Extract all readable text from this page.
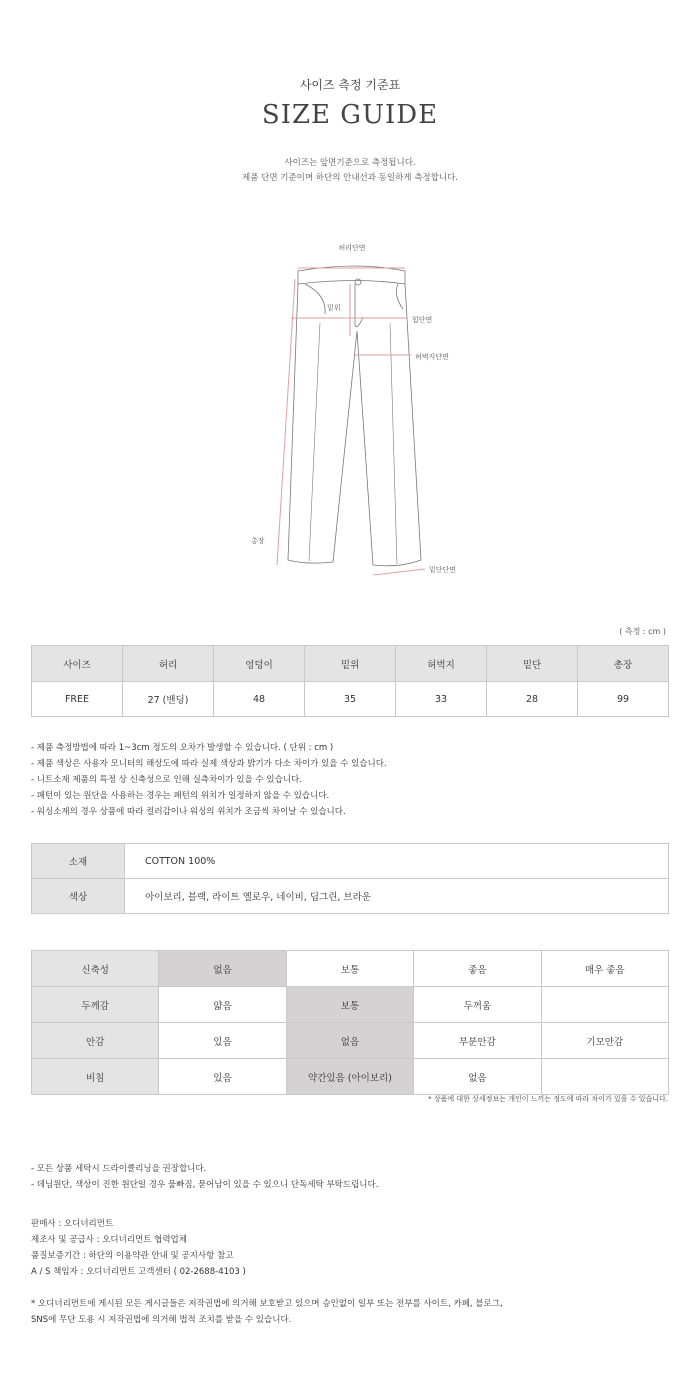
사이즈 측정 기준표
SIZE GUIDE
사이즈는 앞면기준으로 측정됩니다.
제품 단면 기준이며 하단의 안내선과 동일하게 측정합니다.
허리단면
밑위
힙단면
허벅지단면
총장
밑단단면
( 측정 : cm )
사이즈	허리	엉덩이	밑위	허벅지	밑단	총장
FREE	27 (밴딩)	48	35	33	28	99
- 제품 측정방법에 따라 1~3cm 정도의 오차가 발생할 수 있습니다. ( 단위 : cm )
- 제품 색상은 사용자 모니터의 해상도에 따라 실제 색상과 밝기가 다소 차이가 있을 수 있습니다.
- 니트소재 제품의 특정 상 신축성으로 인해 실측차이가 있을 수 있습니다.
- 패턴이 있는 원단을 사용하는 경우는 패턴의 위치가 일정하지 않을 수 있습니다.
- 워싱소재의 경우 상품에 따라 컬러감이나 워싱의 위치가 조금씩 차이날 수 있습니다.
소재	COTTON 100%
색상	아이보리, 블랙, 라이트 옐로우, 네이비, 딥그린, 브라운
신축성	없음	보통	좋음	매우 좋음
두께감	얇음	보통	두꺼움	
안감	있음	없음	부분안감	기모안감
비침	있음	약간있음 (아이보리)	없음	
* 상품에 대한 상세정보는 개인이 느끼는 정도에 따라 차이가 있을 수 있습니다.
- 모든 상품 세탁시 드라이클리닝을 권장합니다.
- 데님원단, 색상이 진한 원단일 경우 물빠짐, 묻어남이 있을 수 있으니 단독세탁 부탁드립니다.
판매사 : 오디너리먼트
제조사 및 공급사 : 오디너리먼트 협력업체
품질보증기간 : 하단의 이용약관 안내 및 공지사항 참고
A / S 책임자 : 오디너리먼트 고객센터 ( 02-2688-4103 )
* 오디너리먼트에 게시된 모든 게시글들은 저작권법에 의거해 보호받고 있으며 승인없이 일부 또는 전부를 사이트, 카페, 블로그,
SNS에 무단 도용 시 저작권법에 의거해 법적 조치를 받을 수 있습니다.
